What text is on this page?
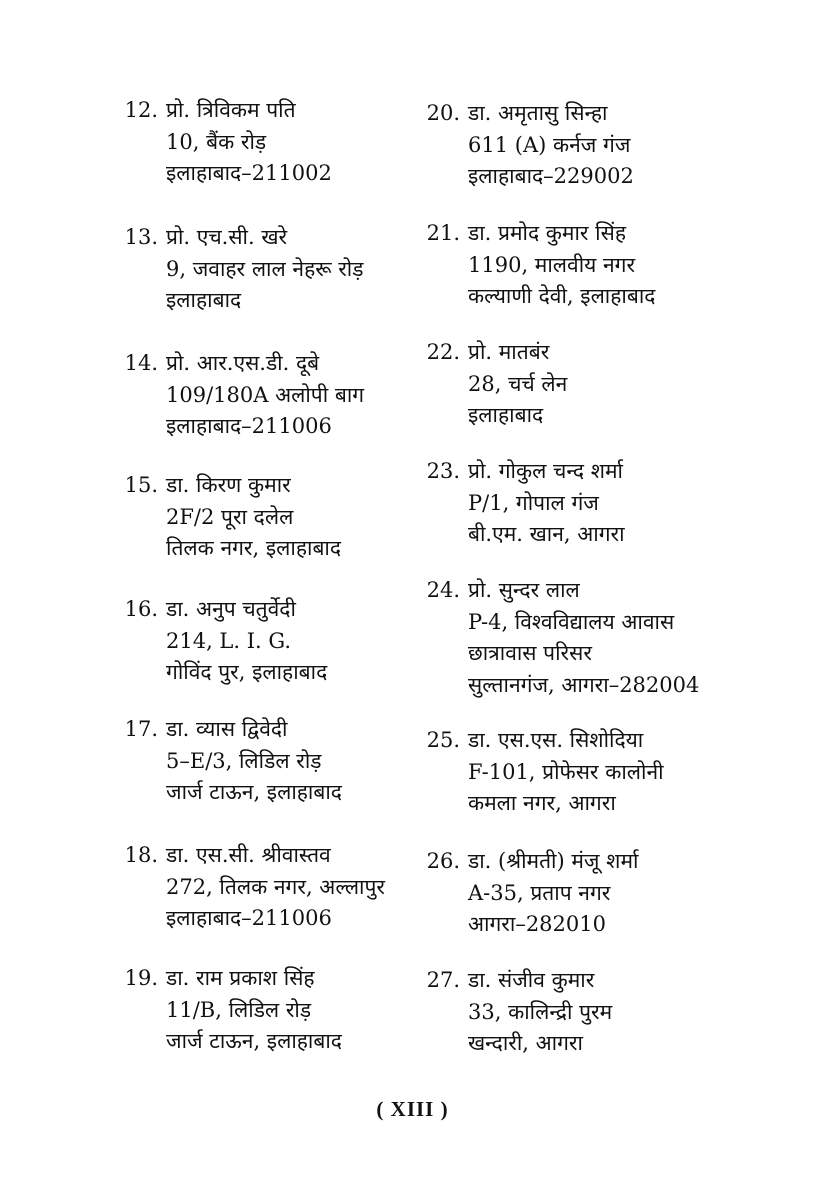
12. प्रो. त्रिविकम पति
10, बैंक रोड़
इलाहाबाद–211002
13. प्रो. एच.सी. खरे
9, जवाहर लाल नेहरू रोड़
इलाहाबाद
14. प्रो. आर.एस.डी. दूबे
109/180A अलोपी बाग
इलाहाबाद–211006
15. डा. किरण कुमार
2F/2 पूरा दलेल
तिलक नगर, इलाहाबाद
16. डा. अनुप चतुर्वेदी
214, L. I. G.
गोविंद पुर, इलाहाबाद
17. डा. व्यास द्विवेदी
5–E/3, लिडिल रोड़
जार्ज टाऊन, इलाहाबाद
18. डा. एस.सी. श्रीवास्तव
272, तिलक नगर, अल्लापुर
इलाहाबाद–211006
19. डा. राम प्रकाश सिंह
11/B, लिडिल रोड़
जार्ज टाऊन, इलाहाबाद
20. डा. अमृतासु सिन्हा
611 (A) कर्नज गंज
इलाहाबाद–229002
21. डा. प्रमोद कुमार सिंह
1190, मालवीय नगर
कल्याणी देवी, इलाहाबाद
22. प्रो. मातबंर
28, चर्च लेन
इलाहाबाद
23. प्रो. गोकुल चन्द शर्मा
P/1, गोपाल गंज
बी.एम. खान, आगरा
24. प्रो. सुन्दर लाल
P-4, विश्वविद्यालय आवास
छात्रावास परिसर
सुल्तानगंज, आगरा–282004
25. डा. एस.एस. सिशोदिया
F-101, प्रोफेसर कालोनी
कमला नगर, आगरा
26. डा. (श्रीमती) मंजू शर्मा
A-35, प्रताप नगर
आगरा–282010
27. डा. संजीव कुमार
33, कालिन्द्री पुरम
खन्दारी, आगरा
( XIII )
